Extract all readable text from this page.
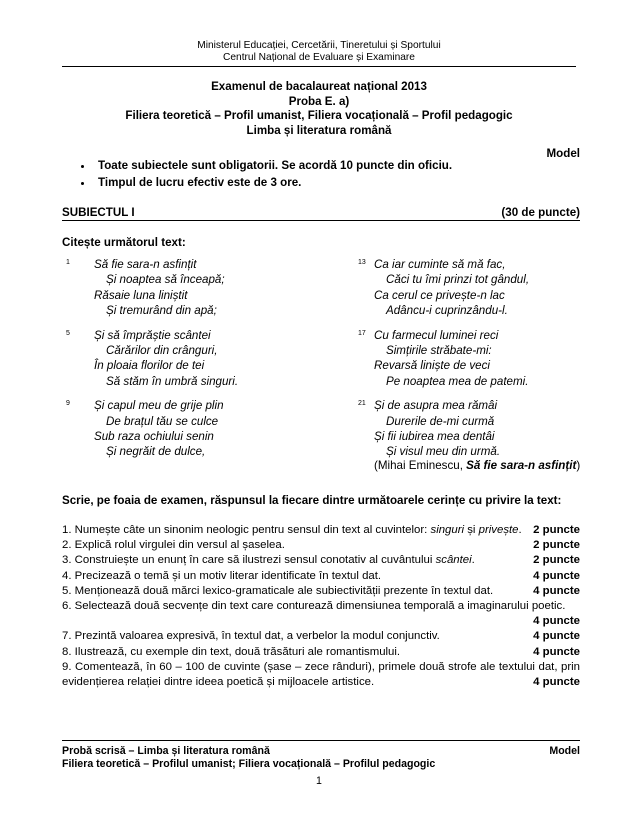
Ministerul Educației, Cercetării, Tineretului și Sportului
Centrul Național de Evaluare și Examinare
Examenul de bacalaureat național 2013
Proba E. a)
Filiera teoretică – Profil umanist, Filiera vocațională – Profil pedagogic
Limba și literatura română
Model
• Toate subiectele sunt obligatorii. Se acordă 10 puncte din oficiu.
• Timpul de lucru efectiv este de 3 ore.
SUBIECTUL I	(30 de puncte)
Citește următorul text:
1 Să fie sara-n asfințit
Și noaptea să înceapă;
Răsaie luna liniștit
Și tremurând din apă;
5 Și să împrăștie scântei
Cărărilor din crânguri,
În ploaia florilor de tei
Să stăm în umbră singuri.
9 Și capul meu de grije plin
De brațul tău se culce
Sub raza ochiului senin
Și negrăit de dulce,
13 Ca iar cuminte să mă fac,
Căci tu îmi prinzi tot gândul,
Ca cerul ce privește-n lac
Adâncu-i cuprinzându-l.
17 Cu farmecul luminei reci
Simțirile străbate-mi:
Revarsă liniște de veci
Pe noaptea mea de patemi.
21 Și de asupra mea rămâi
Durerile de-mi curmă
Și fii iubirea mea dentâi
Și visul meu din urmă.
(Mihai Eminescu, Să fie sara-n asfințit)
Scrie, pe foaia de examen, răspunsul la fiecare dintre următoarele cerințe cu privire la text:
1. Numește câte un sinonim neologic pentru sensul din text al cuvintelor: singuri și privește.	2 puncte
2. Explică rolul virgulei din versul al șaselea.	2 puncte
3. Construiește un enunț în care să ilustrezi sensul conotativ al cuvântului scântei.	2 puncte
4. Precizează o temă și un motiv literar identificate în textul dat.	4 puncte
5. Menționează două mărci lexico-gramaticale ale subiectivității prezente în textul dat.	4 puncte
6. Selectează două secvențe din text care conturează dimensiunea temporală a imaginarului poetic.
4 puncte
7. Prezintă valoarea expresivă, în textul dat, a verbelor la modul conjunctiv.	4 puncte
8. Ilustrează, cu exemple din text, două trăsături ale romantismului.	4 puncte
9. Comentează, în 60 – 100 de cuvinte (șase – zece rânduri), primele două strofe ale textului dat, prin evidențierea relației dintre ideea poetică și mijloacele artistice.	4 puncte
Probă scrisă – Limba și literatura română	Model
Filiera teoretică – Profilul umanist; Filiera vocațională – Profilul pedagogic
1
